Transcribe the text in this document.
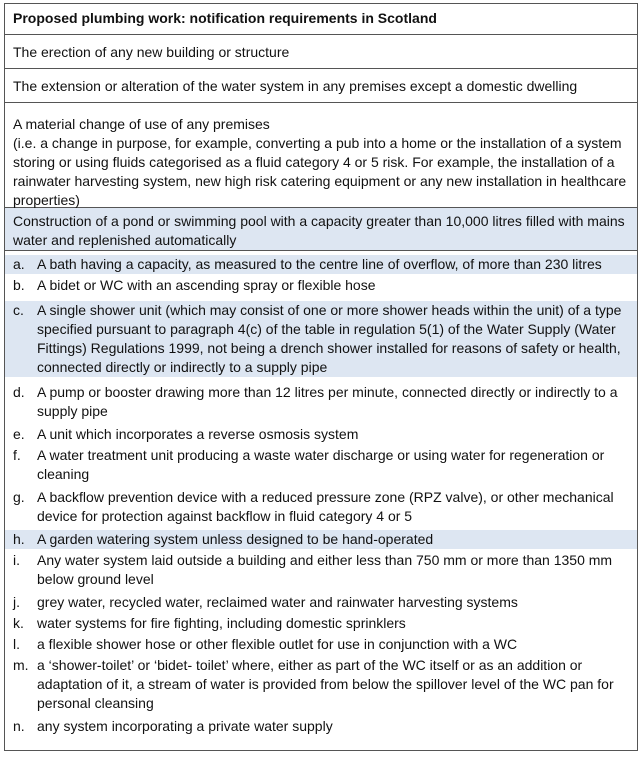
Proposed plumbing work: notification requirements in Scotland
The erection of any new building or structure
The extension or alteration of the water system in any premises except a domestic dwelling
A material change of use of any premises
(i.e. a change in purpose, for example, converting a pub into a home or the installation of a system storing or using fluids categorised as a fluid category 4 or 5 risk. For example, the installation of a rainwater harvesting system, new high risk catering equipment or any new installation in healthcare properties)
Construction of a pond or swimming pool with a capacity greater than 10,000 litres filled with mains water and replenished automatically
a. A bath having a capacity, as measured to the centre line of overflow, of more than 230 litres
b. A bidet or WC with an ascending spray or flexible hose
c. A single shower unit (which may consist of one or more shower heads within the unit) of a type specified pursuant to paragraph 4(c) of the table in regulation 5(1) of the Water Supply (Water Fittings) Regulations 1999, not being a drench shower installed for reasons of safety or health, connected directly or indirectly to a supply pipe
d. A pump or booster drawing more than 12 litres per minute, connected directly or indirectly to a supply pipe
e. A unit which incorporates a reverse osmosis system
f.	A water treatment unit producing a waste water discharge or using water for regeneration or cleaning
g. A backflow prevention device with a reduced pressure zone (RPZ valve), or other mechanical device for protection against backflow in fluid category 4 or 5
h. A garden watering system unless designed to be hand-operated
i.	Any water system laid outside a building and either less than 750 mm or more than 1350 mm below ground level
j.	grey water, recycled water, reclaimed water and rainwater harvesting systems
k. water systems for fire fighting, including domestic sprinklers
l.	a flexible shower hose or other flexible outlet for use in conjunction with a WC
m. a ‘shower-toilet’ or ‘bidet- toilet’ where, either as part of the WC itself or as an addition or adaptation of it, a stream of water is provided from below the spillover level of the WC pan for personal cleansing
n. any system incorporating a private water supply
